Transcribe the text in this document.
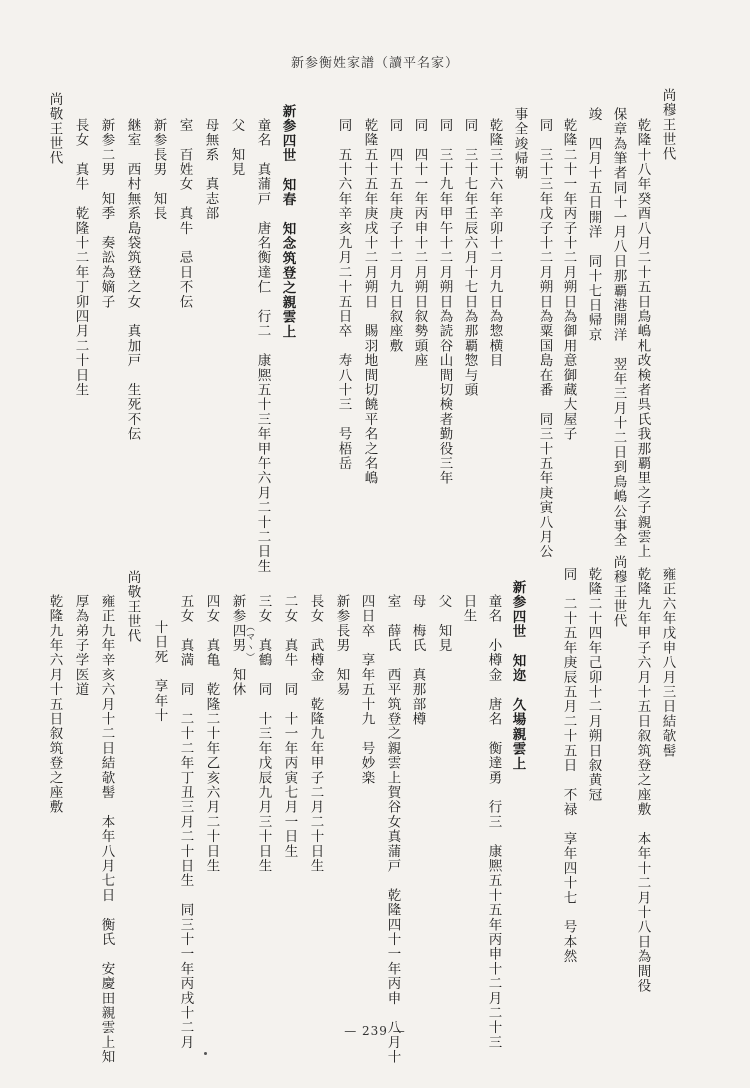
新参衡姓家譜（讀平名家）
尚穆王世代
乾隆十八年癸酉八月二十五日鳥嶋札改検者呉氏我那覇里之子親雲上
保章為筆者同十一月八日那覇港開洋　翌年三月十二日到鳥嶋公事全
竣　四月十五日開洋　同十七日帰京
乾隆二十一年丙子十二月朔日為御用意御蔵大屋子
同　三十三年戊子十二月朔日為粟国島在番　同三十五年庚寅八月公
事全竣帰朝
乾隆三十六年辛卯十二月九日為惣横目
同　三十七年壬辰六月十七日為那覇惣与頭
同　三十九年甲午十二月朔日為読谷山間切検者勤役三年
同　四十一年丙申十二月朔日叙勢頭座
同　四十五年庚子十二月九日叙座敷
乾隆五十五年庚戌十二月朔日　賜羽地間切饒平名之名嶋
同　五十六年辛亥九月二十五日卒　寿八十三　号梧岳
新参四世　知春　知念筑登之親雲上
童名　真蒲戸　唐名衡達仁　行二　康熈五十三年甲午六月二十二日生
父　知見
母無系　真志部
室　百姓女　真牛　忌日不伝
新参長男　知長
継室　西村無系島袋筑登之女　真加戸　生死不伝
新参二男　知季　奏訟為嫡子
長女　真牛　乾隆十二年丁卯四月二十日生
尚敬王世代
雍正六年戊申八月三日結欹髻
乾隆九年甲子六月十五日叙筑登之座敷　本年十二月十八日為間役
尚穆王世代
乾隆二十四年己卯十二月朔日叙黄冠
同　二十五年庚辰五月二十五日　不禄　享年四十七　号本然
新参四世　知迩　久場親雲上
童名　小樽金　唐名　衡達勇　行三　康熈五十五年丙申十二月二十三
日生
父　知見
母　梅氏　真那部樽
室　薛氏　西平筑登之親雲上賀谷女真蒲戸　乾隆四十一年丙申　八月十
四日卒　享年五十九　号妙楽
新参長男　知易
長女　武樽金　乾隆九年甲子二月二十日生
二女　真牛　同　十一年丙寅七月一日生
三女　真鶴　同　十三年戊辰九月三十日生
新参四男　知休
（マヽ）
四女　真亀　乾隆二十年乙亥六月二十日生
五女　真満　同　二十二年丁丑三月二十日生　同三十一年丙戌十二月
十日死　享年十
尚敬王世代
雍正九年辛亥六月十二日結欹髻　本年八月七日　衡氏　安慶田親雲上知
厚為弟子学医道
乾隆九年六月十五日叙筑登之座敷
— 239 —
